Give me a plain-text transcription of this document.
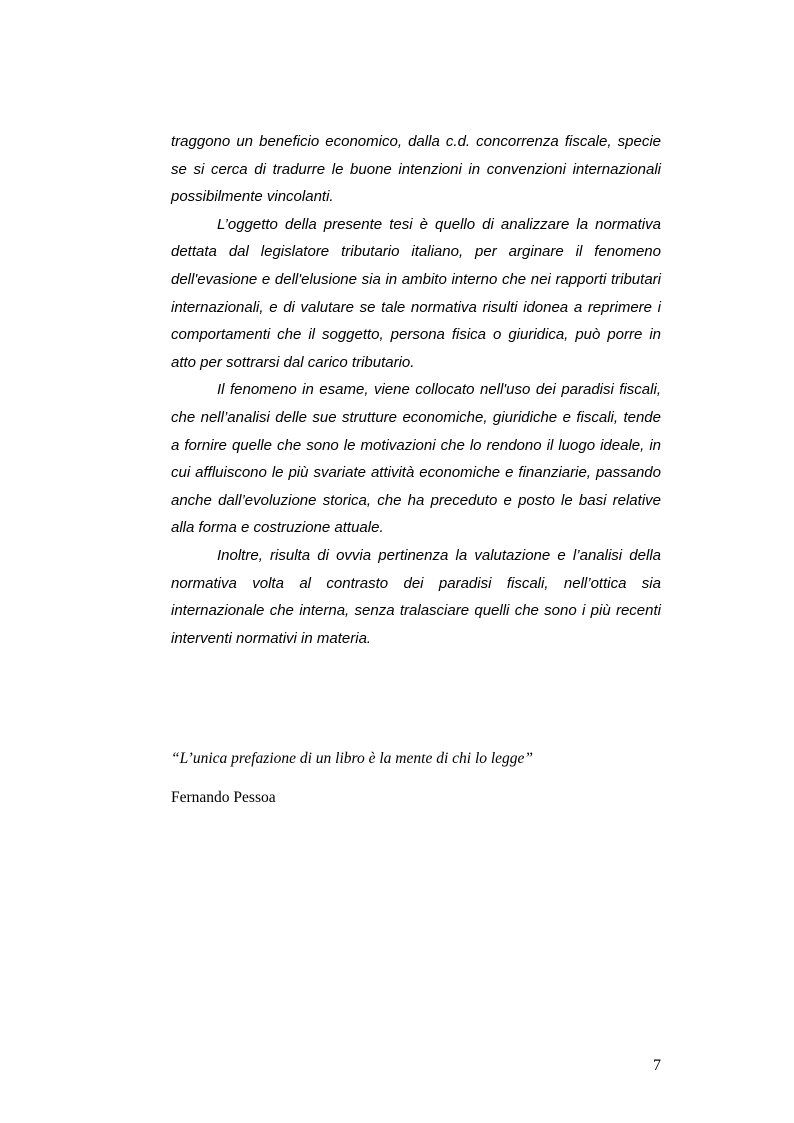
traggono un beneficio economico, dalla c.d. concorrenza fiscale, specie se si cerca di tradurre le buone intenzioni in convenzioni internazionali possibilmente vincolanti.

L’oggetto della presente tesi è quello di analizzare la normativa dettata dal legislatore tributario italiano, per arginare il fenomeno dell'evasione e dell'elusione sia in ambito interno che nei rapporti tributari internazionali, e di valutare se tale normativa risulti idonea a reprimere i comportamenti che il soggetto, persona fisica o giuridica, può porre in atto per sottrarsi dal carico tributario.

Il fenomeno in esame, viene collocato nell'uso dei paradisi fiscali, che nell’analisi delle sue strutture economiche, giuridiche e fiscali, tende a fornire quelle che sono le motivazioni che lo rendono il luogo ideale, in cui affluiscono le più svariate attività economiche e finanziarie, passando anche dall’evoluzione storica, che ha preceduto e posto le basi relative alla forma e costruzione attuale.

Inoltre, risulta di ovvia pertinenza la valutazione e l’analisi della normativa volta al contrasto dei paradisi fiscali, nell’ottica sia internazionale che interna, senza tralasciare quelli che sono i più recenti interventi normativi in materia.

“L’unica prefazione di un libro è la mente di chi lo legge”

Fernando Pessoa

7
